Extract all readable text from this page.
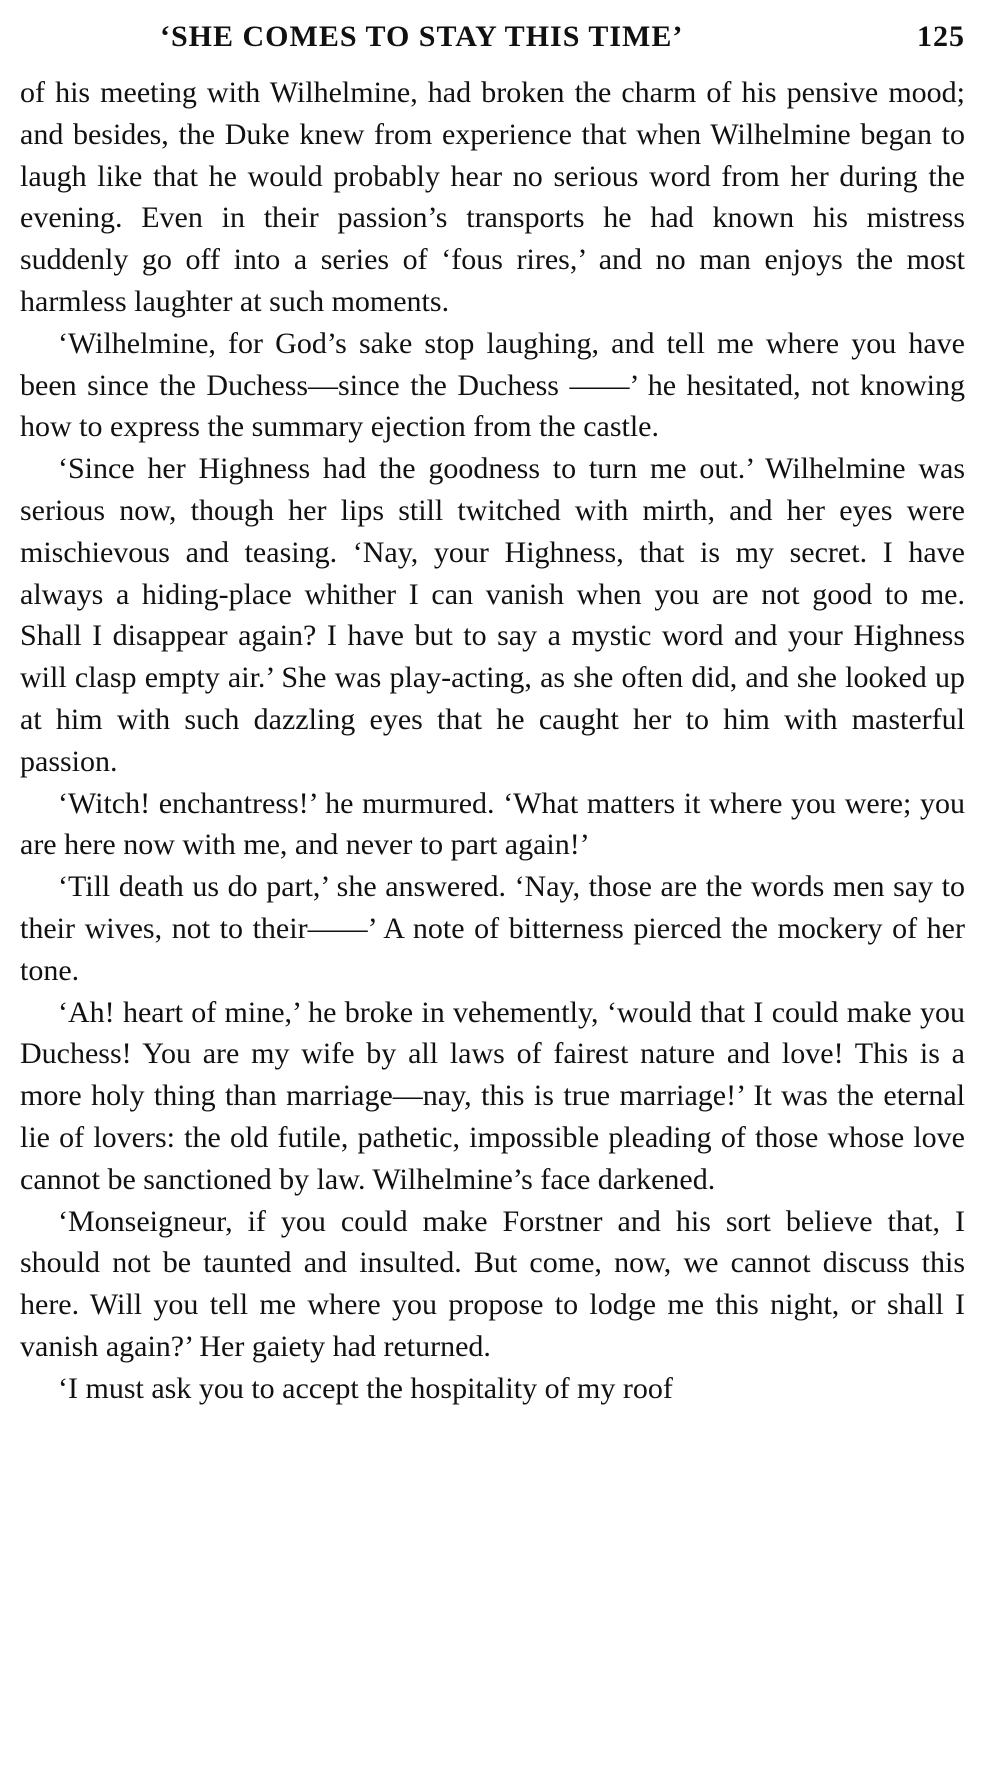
‘SHE COMES TO STAY THIS TIME’	125

of his meeting with Wilhelmine, had broken the charm of his pensive mood; and besides, the Duke knew from experience that when Wilhelmine began to laugh like that he would probably hear no serious word from her during the evening. Even in their passion’s transports he had known his mistress suddenly go off into a series of ‘fous rires,’ and no man enjoys the most harmless laughter at such moments.

‘Wilhelmine, for God’s sake stop laughing, and tell me where you have been since the Duchess—since the Duchess ——’ he hesitated, not knowing how to express the summary ejection from the castle.

‘Since her Highness had the goodness to turn me out.’ Wilhelmine was serious now, though her lips still twitched with mirth, and her eyes were mischievous and teasing. ‘Nay, your Highness, that is my secret. I have always a hiding-place whither I can vanish when you are not good to me. Shall I disappear again? I have but to say a mystic word and your Highness will clasp empty air.’ She was play-acting, as she often did, and she looked up at him with such dazzling eyes that he caught her to him with masterful passion.

‘Witch! enchantress!’ he murmured. ‘What matters it where you were; you are here now with me, and never to part again!’

‘Till death us do part,’ she answered. ‘Nay, those are the words men say to their wives, not to their——’ A note of bitterness pierced the mockery of her tone.

‘Ah! heart of mine,’ he broke in vehemently, ‘would that I could make you Duchess! You are my wife by all laws of fairest nature and love! This is a more holy thing than marriage—nay, this is true marriage!’ It was the eternal lie of lovers: the old futile, pathetic, impossible pleading of those whose love cannot be sanctioned by law. Wilhelmine’s face darkened.

‘Monseigneur, if you could make Forstner and his sort believe that, I should not be taunted and insulted. But come, now, we cannot discuss this here. Will you tell me where you propose to lodge me this night, or shall I vanish again?’ Her gaiety had returned.

‘I must ask you to accept the hospitality of my roof
